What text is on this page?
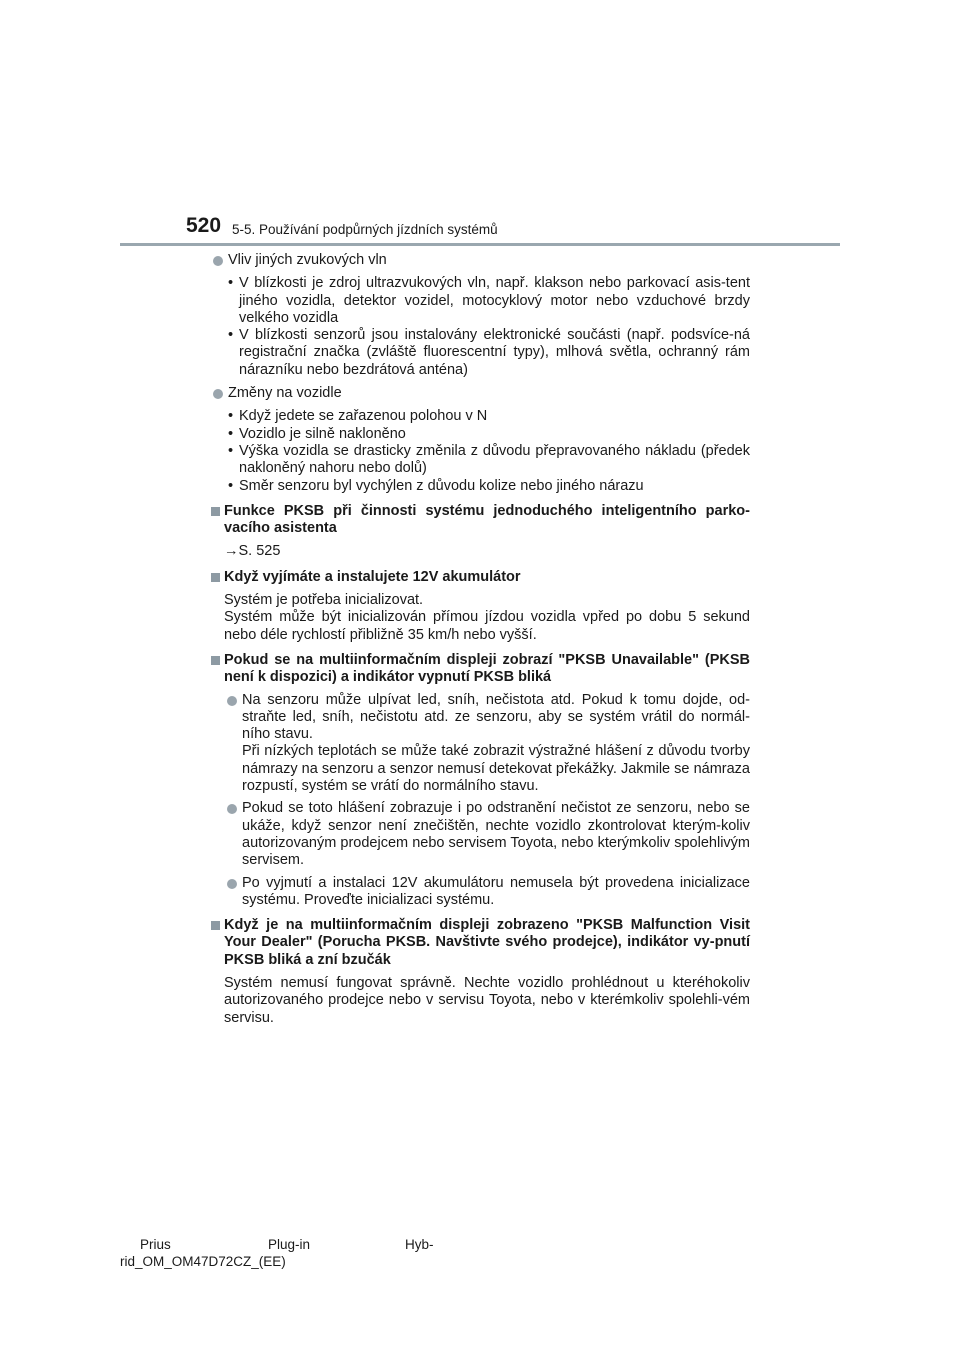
520 5-5. Používání podpůrných jízdních systémů
Vliv jiných zvukových vln
• V blízkosti je zdroj ultrazvukových vln, např. klakson nebo parkovací asis-tent jiného vozidla, detektor vozidel, motocyklový motor nebo vzduchové brzdy velkého vozidla
• V blízkosti senzorů jsou instalovány elektronické součásti (např. podsvíce-ná registrační značka (zvláště fluorescentní typy), mlhová světla, ochranný rám nárazníku nebo bezdrátová anténa)
Změny na vozidle
• Když jedete se zařazenou polohou v N
• Vozidlo je silně nakloněno
• Výška vozidla se drasticky změnila z důvodu přepravovaného nákladu (předek nakloněný nahoru nebo dolů)
• Směr senzoru byl vychýlen z důvodu kolize nebo jiného nárazu
Funkce PKSB při činnosti systému jednoduchého inteligentního parko-vacího asistenta
→S. 525
Když vyjímáte a instalujete 12V akumulátor

Systém je potřeba inicializovat.

Systém může být inicializován přímou jízdou vozidla vpřed po dobu 5 sekund nebo déle rychlostí přibližně 35 km/h nebo vyšší.

Pokud se na multiinformačním displeji zobrazí "PKSB Unavailable" (PKSB není k dispozici) a indikátor vypnutí PKSB bliká
Na senzoru může ulpívat led, sníh, nečistota atd. Pokud k tomu dojde, od-straňte led, sníh, nečistotu atd. ze senzoru, aby se systém vrátil do normál-ního stavu.
Při nízkých teplotách se může také zobrazit výstražné hlášení z důvodu tvorby námrazy na senzoru a senzor nemusí detekovat překážky. Jakmile se námraza rozpustí, systém se vrátí do normálního stavu.
Pokud se toto hlášení zobrazuje i po odstranění nečistot ze senzoru, nebo se ukáže, když senzor není znečištěn, nechte vozidlo zkontrolovat kterým-koliv autorizovaným prodejcem nebo servisem Toyota, nebo kterýmkoliv spolehlivým servisem.
Po vyjmutí a instalaci 12V akumulátoru nemusela být provedena inicializace systému. Proveďte inicializaci systému.
Když je na multiinformačním displeji zobrazeno "PKSB Malfunction Visit Your Dealer" (Porucha PKSB. Navštivte svého prodejce), indikátor vy-pnutí PKSB bliká a zní bzučák

Systém nemusí fungovat správně. Nechte vozidlo prohlédnout u kteréhokoliv autorizovaného prodejce nebo v servisu Toyota, nebo v kterémkoliv spolehli-vém servisu.

Prius	Plug-in	Hyb-
rid_OM_OM47D72CZ_(EE)
